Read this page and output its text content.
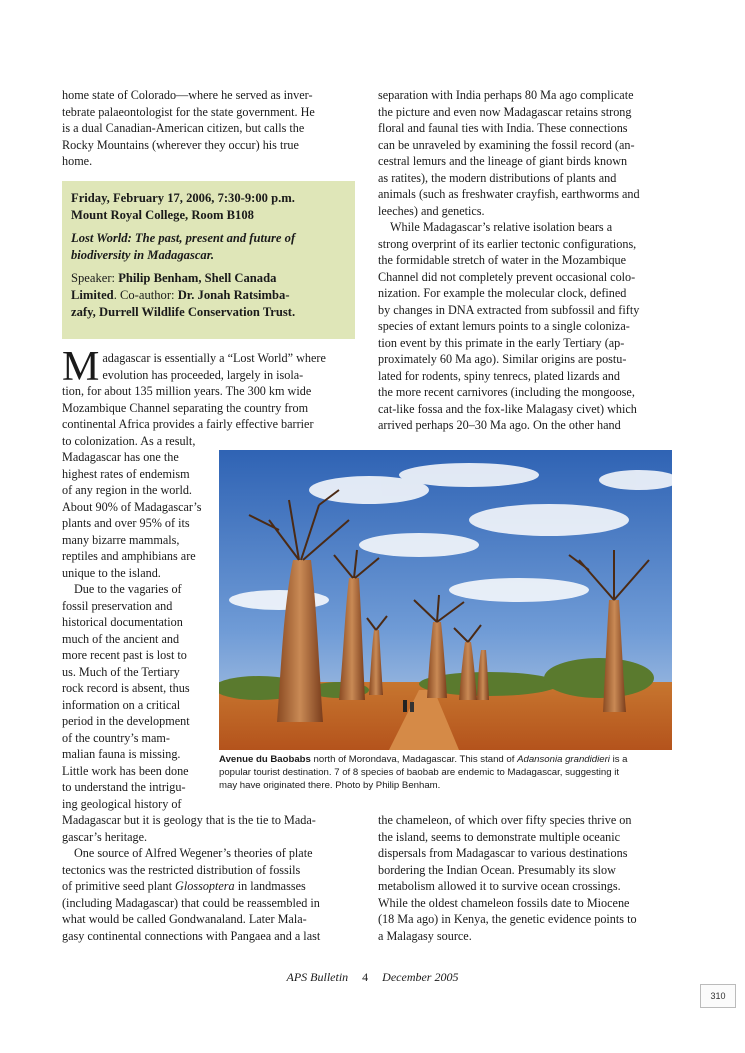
home state of Colorado—where he served as inver-
tebrate palaeontologist for the state government. He
is a dual Canadian-American citizen, but calls the
Rocky Mountains (wherever they occur) his true
home.
Friday, February 17, 2006, 7:30-9:00 p.m.
Mount Royal College, Room B108
Lost World: The past, present and future of
biodiversity in Madagascar.
Speaker: Philip Benham, Shell Canada
Limited. Co-author: Dr. Jonah Ratsimba-
zafy, Durrell Wildlife Conservation Trust.
M adagascar is essentially a “Lost World” where
evolution has proceeded, largely in isola-
tion, for about 135 million years. The 300 km wide
Mozambique Channel separating the country from
continental Africa provides a fairly effective barrier
to colonization. As a result,
Madagascar has one the
highest rates of endemism
of any region in the world.
About 90% of Madagascar’s
plants and over 95% of its
many bizarre mammals,
reptiles and amphibians are
unique to the island.
Due to the vagaries of
fossil preservation and
historical documentation
much of the ancient and
more recent past is lost to
us. Much of the Tertiary
rock record is absent, thus
information on a critical
period in the development
of the country’s mam-
malian fauna is missing.
Little work has been done
to understand the intrigu-
ing geological history of
Madagascar but it is geology that is the tie to Mada-
gascar’s heritage.
One source of Alfred Wegener’s theories of plate
tectonics was the restricted distribution of fossils
of primitive seed plant Glossoptera in landmasses
(including Madagascar) that could be reassembled in
what would be called Gondwanaland. Later Mala-
gasy continental connections with Pangaea and a last
separation with India perhaps 80 Ma ago complicate
the picture and even now Madagascar retains strong
floral and faunal ties with India. These connections
can be unraveled by examining the fossil record (an-
cestral lemurs and the lineage of giant birds known
as ratites), the modern distributions of plants and
animals (such as freshwater crayfish, earthworms and
leeches) and genetics.
While Madagascar’s relative isolation bears a
strong overprint of its earlier tectonic configurations,
the formidable stretch of water in the Mozambique
Channel did not completely prevent occasional colo-
nization. For example the molecular clock, defined
by changes in DNA extracted from subfossil and fifty
species of extant lemurs points to a single coloniza-
tion event by this primate in the early Tertiary (ap-
proximately 60 Ma ago). Similar origins are postu-
lated for rodents, spiny tenrecs, plated lizards and
the more recent carnivores (including the mongoose,
cat-like fossa and the fox-like Malagasy civet) which
arrived perhaps 20–30 Ma ago. On the other hand
Avenue du Baobabs north of Morondava, Madagascar. This stand of Adansonia grandidieri is a
popular tourist destination. 7 of 8 species of baobab are endemic to Madagascar, suggesting it
may have originated there. Photo by Philip Benham.
the chameleon, of which over fifty species thrive on
the island, seems to demonstrate multiple oceanic
dispersals from Madagascar to various destinations
bordering the Indian Ocean. Presumably its slow
metabolism allowed it to survive ocean crossings.
While the oldest chameleon fossils date to Miocene
(18 Ma ago) in Kenya, the genetic evidence points to
a Malagasy source.
APS Bulletin 4 December 2005
310
